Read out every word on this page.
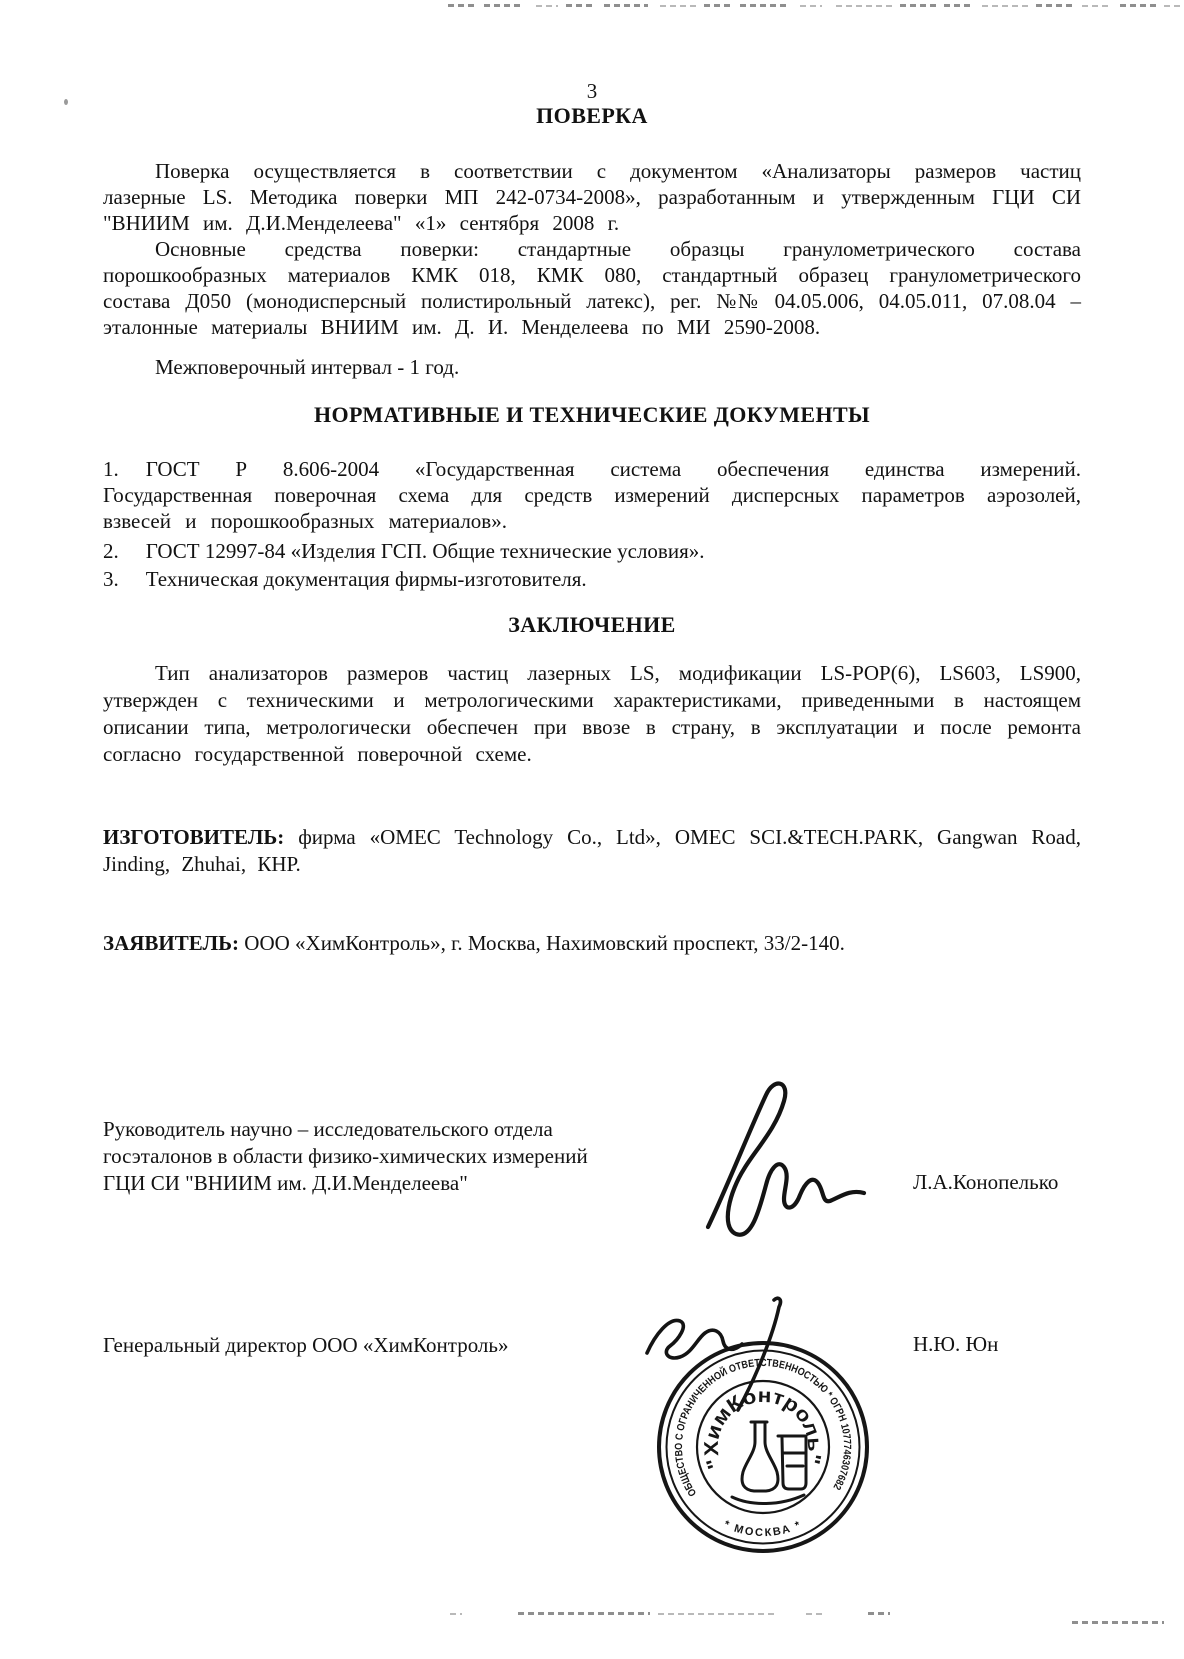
3
ПОВЕРКА

Поверка осуществляется в соответствии с документом «Анализаторы размеров частиц лазерные LS. Методика поверки МП 242-0734-2008», разработанным и утвержденным ГЦИ СИ "ВНИИМ им. Д.И.Менделеева" «1» сентября 2008 г.

Основные средства поверки: стандартные образцы гранулометрического состава порошкообразных материалов КМК 018, КМК 080, стандартный образец гранулометрического состава Д050 (монодисперсный полистирольный латекс), рег. №№ 04.05.006, 04.05.011, 07.08.04 – эталонные материалы ВНИИМ им. Д. И. Менделеева по МИ 2590-2008.

Межповерочный интервал - 1 год.

НОРМАТИВНЫЕ И ТЕХНИЧЕСКИЕ ДОКУМЕНТЫ

1. ГОСТ Р 8.606-2004 «Государственная система обеспечения единства измерений. Государственная поверочная схема для средств измерений дисперсных параметров аэрозолей, взвесей и порошкообразных материалов».

2. ГОСТ 12997-84 «Изделия ГСП. Общие технические условия».

3. Техническая документация фирмы-изготовителя.

ЗАКЛЮЧЕНИЕ

Тип анализаторов размеров частиц лазерных LS, модификации LS-POP(6), LS603, LS900, утвержден с техническими и метрологическими характеристиками, приведенными в настоящем описании типа, метрологически обеспечен при ввозе в страну, в эксплуатации и после ремонта согласно государственной поверочной схеме.

ИЗГОТОВИТЕЛЬ: фирма «OMEC Technology Co., Ltd», OMEC SCI.&TECH.PARK, Gangwan Road, Jinding, Zhuhai, КНР.

ЗАЯВИТЕЛЬ: ООО «ХимКонтроль», г. Москва, Нахимовский проспект, 33/2-140.

Руководитель научно – исследовательского отдела
госэталонов в области физико-химических измерений
ГЦИ СИ "ВНИИМ им. Д.И.Менделеева"	Л.А.Конопелько
Генеральный директор ООО «ХимКонтроль»	Н.Ю. Юн
ОБЩЕСТВО С ОГРАНИЧЕННОЙ ОТВЕТСТВЕННОСТЬЮ * ОГРН 1077746307682
* МОСКВА *
"ХимКонтроль"
